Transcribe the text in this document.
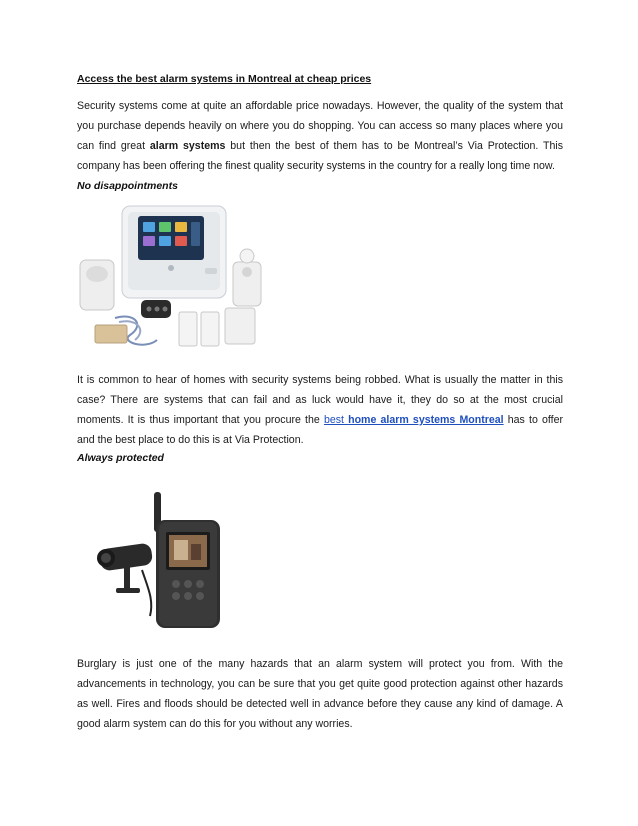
Access the best alarm systems in Montreal at cheap prices

Security systems come at quite an affordable price nowadays. However, the quality of the system that you purchase depends heavily on where you do shopping. You can access so many places where you can find great alarm systems but then the best of them has to be Montreal’s Via Protection. This company has been offering the finest quality security systems in the country for a really long time now.

No disappointments

It is common to hear of homes with security systems being robbed. What is usually the matter in this case? There are systems that can fail and as luck would have it, they do so at the most crucial moments. It is thus important that you procure the best home alarm systems Montreal has to offer and the best place to do this is at Via Protection.

Always protected

Burglary is just one of the many hazards that an alarm system will protect you from. With the advancements in technology, you can be sure that you get quite good protection against other hazards as well. Fires and floods should be detected well in advance before they cause any kind of damage. A good alarm system can do this for you without any worries.
